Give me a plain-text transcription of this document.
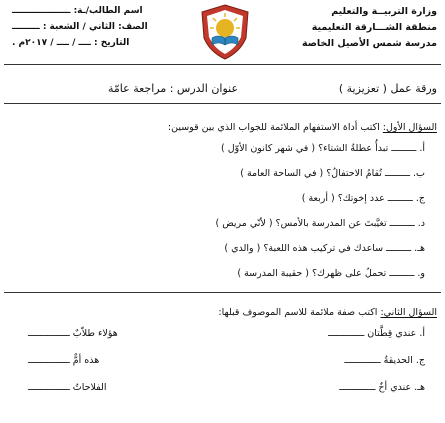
وزارة التربيــة والتعليم
منطقة الشـــارقة التعليمية
مدرسة شمس الأصيل الخاصة
اسم الطالب/ـة: ـــــــــــــــــــ
الصف: الثاني / الشعبة : ـــــــــ
التاريخ : ــــ / ــــ / ٢٠١٧م .
ورقة عمل ( تعزيزية )
عنوان الدرس : مراجعة عامّة
السؤال الأول: اكتب أداة الاستفهام الملائمة للجواب الذي بين قوسين:
أ. ـــــــــ تبدأُ عطلةُ الشتاء؟ ( في شهر كانون الأوّل )
ب. ـــــــــ تُقامُ الاحتفالُ؟ ( في الساحة العامة )
ج. ـــــــــ عدد إخوتك؟ ( أربعة )
د. ـــــــــ تغيَّبتَ عن المدرسة بالأمس؟ ( لأنّي مريض )
هـ. ـــــــــ ساعدك في تركيب هذه اللعبة؟ ( والدي )
و. ـــــــــ تحملُ على ظهرك؟ ( حقيبة المدرسة )
السؤال الثاني: اكتب صفة ملائمة للاسم الموصوف قبلها:
أ. عندي قِطَّتان ـــــــــــــ
هؤلاء طلاّبٌ ـــــــــــــــ
ج. الحديقةُ ـــــــــــــ
هذه أمٌّ ـــــــــــــــ
هـ. عندي أخٌ ـــــــــــــ
الفلاحاتُ ـــــــــــــــ
